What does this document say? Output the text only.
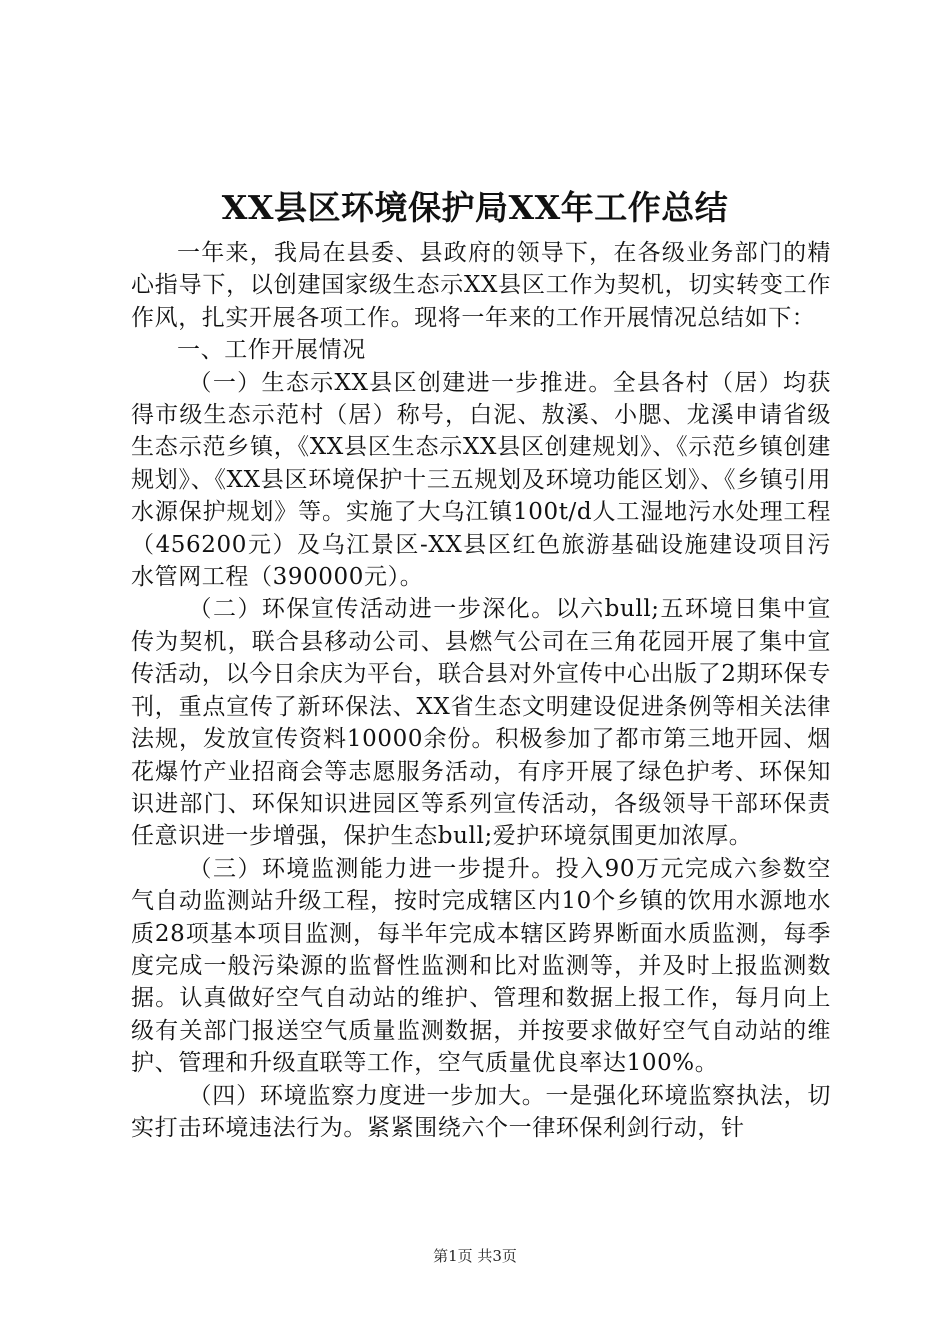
XX县区环境保护局XX年工作总结

一年来，我局在县委、县政府的领导下，在各级业务部门的精心指导下，以创建国家级生态示XX县区工作为契机，切实转变工作作风，扎实开展各项工作。现将一年来的工作开展情况总结如下：

一、工作开展情况

（一）生态示XX县区创建进一步推进。全县各村（居）均获得市级生态示范村（居）称号，白泥、敖溪、小腮、龙溪申请省级生态示范乡镇，《XX县区生态示XX县区创建规划》、《示范乡镇创建规划》、《XX县区环境保护十三五规划及环境功能区划》、《乡镇引用水源保护规划》等。实施了大乌江镇100t/d人工湿地污水处理工程（456200元）及乌江景区-XX县区红色旅游基础设施建设项目污水管网工程（390000元）。

（二）环保宣传活动进一步深化。以六bull;五环境日集中宣传为契机，联合县移动公司、县燃气公司在三角花园开展了集中宣传活动，以今日余庆为平台，联合县对外宣传中心出版了2期环保专刊，重点宣传了新环保法、XX省生态文明建设促进条例等相关法律法规，发放宣传资料10000余份。积极参加了都市第三地开园、烟花爆竹产业招商会等志愿服务活动，有序开展了绿色护考、环保知识进部门、环保知识进园区等系列宣传活动，各级领导干部环保责任意识进一步增强，保护生态bull;爱护环境氛围更加浓厚。

（三）环境监测能力进一步提升。投入90万元完成六参数空气自动监测站升级工程，按时完成辖区内10个乡镇的饮用水源地水质28项基本项目监测，每半年完成本辖区跨界断面水质监测，每季度完成一般污染源的监督性监测和比对监测等，并及时上报监测数据。认真做好空气自动站的维护、管理和数据上报工作，每月向上级有关部门报送空气质量监测数据，并按要求做好空气自动站的维护、管理和升级直联等工作，空气质量优良率达100%。

（四）环境监察力度进一步加大。一是强化环境监察执法，切实打击环境违法行为。紧紧围绕六个一律环保利剑行动，针

第1页 共3页
